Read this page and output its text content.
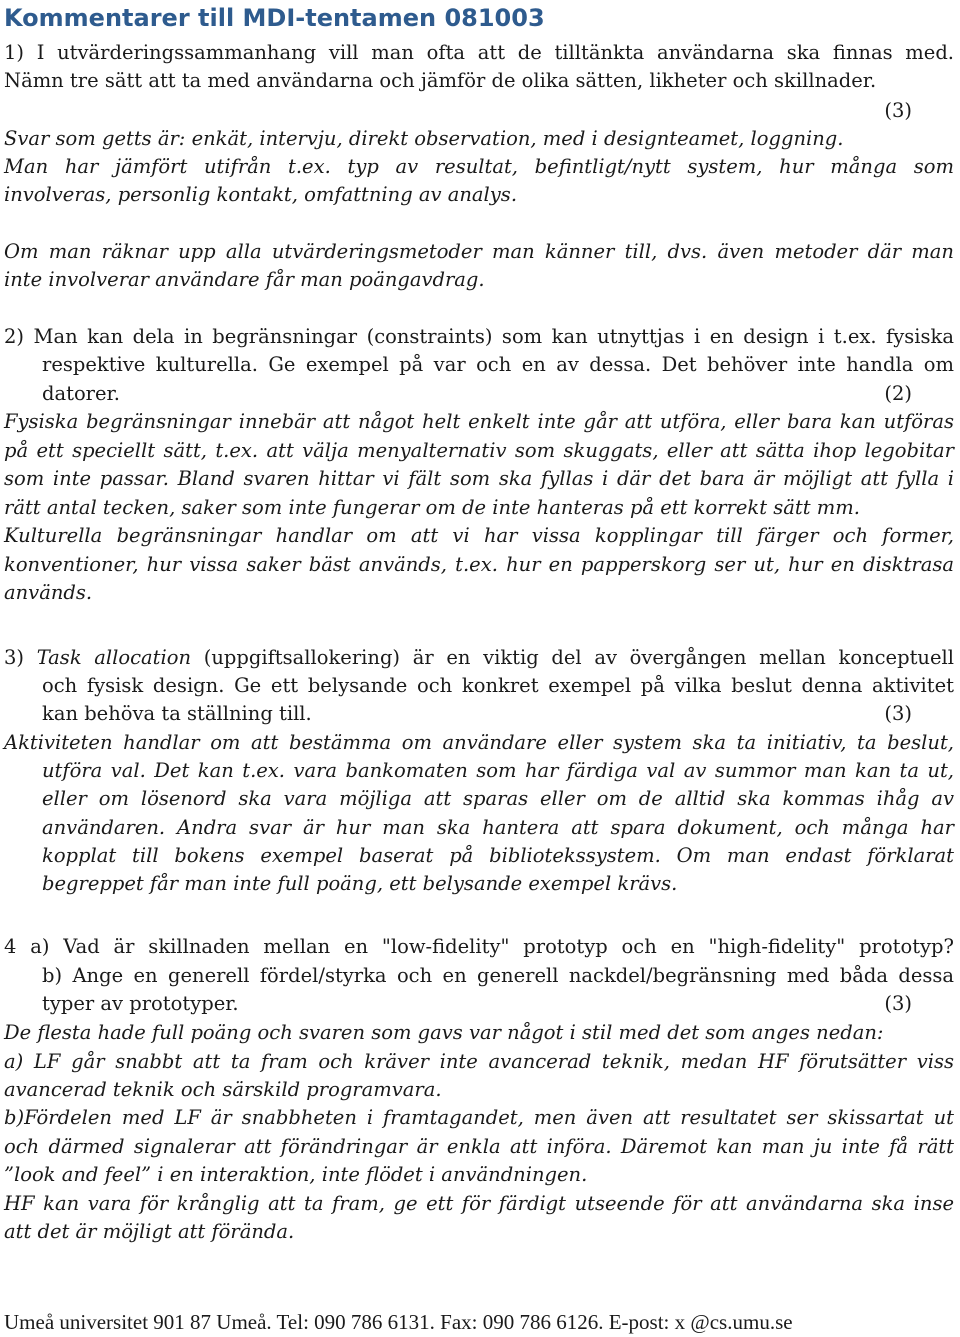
Kommentarer till MDI-tentamen 081003
1) I utvärderingssammanhang vill man ofta att de tilltänkta användarna ska finnas med.
Nämn tre sätt att ta med användarna och jämför de olika sätten, likheter och skillnader.
(3)
Svar som getts är: enkät, intervju, direkt observation, med i designteamet, loggning.
Man har jämfört utifrån t.ex. typ av resultat, befintligt/nytt system, hur många som
involveras, personlig kontakt, omfattning av analys.
Om man räknar upp alla utvärderingsmetoder man känner till, dvs. även metoder där man
inte involverar användare får man poängavdrag.
2) Man kan dela in begränsningar (constraints) som kan utnyttjas i en design i t.ex. fysiska
respektive kulturella. Ge exempel på var och en av dessa. Det behöver inte handla om
datorer.	(2)
Fysiska begränsningar innebär att något helt enkelt inte går att utföra, eller bara kan utföras
på ett speciellt sätt, t.ex. att välja menyalternativ som skuggats, eller att sätta ihop legobitar
som inte passar. Bland svaren hittar vi fält som ska fyllas i där det bara är möjligt att fylla i
rätt antal tecken, saker som inte fungerar om de inte hanteras på ett korrekt sätt mm.
Kulturella begränsningar handlar om att vi har vissa kopplingar till färger och former,
konventioner, hur vissa saker bäst används, t.ex. hur en papperskorg ser ut, hur en disktrasa
används.
3) Task allocation (uppgiftsallokering) är en viktig del av övergången mellan konceptuell
och fysisk design. Ge ett belysande och konkret exempel på vilka beslut denna aktivitet
kan behöva ta ställning till.	(3)
Aktiviteten handlar om att bestämma om användare eller system ska ta initiativ, ta beslut,
utföra val. Det kan t.ex. vara bankomaten som har färdiga val av summor man kan ta ut,
eller om lösenord ska vara möjliga att sparas eller om de alltid ska kommas ihåg av
användaren. Andra svar är hur man ska hantera att spara dokument, och många har
kopplat till bokens exempel baserat på bibliotekssystem. Om man endast förklarat
begreppet får man inte full poäng, ett belysande exempel krävs.
4 a) Vad är skillnaden mellan en "low-fidelity" prototyp och en "high-fidelity" prototyp?
b) Ange en generell fördel/styrka och en generell nackdel/begränsning med båda dessa
typer av prototyper.	(3)
De flesta hade full poäng och svaren som gavs var något i stil med det som anges nedan:
a) LF går snabbt att ta fram och kräver inte avancerad teknik, medan HF förutsätter viss
avancerad teknik och särskild programvara.
b)Fördelen med LF är snabbheten i framtagandet, men även att resultatet ser skissartat ut
och därmed signalerar att förändringar är enkla att införa. Däremot kan man ju inte få rätt
”look and feel” i en interaktion, inte flödet i användningen.
HF kan vara för krånglig att ta fram, ge ett för färdigt utseende för att användarna ska inse
att det är möjligt att förända.
Umeå universitet 901 87 Umeå. Tel: 090 786 6131. Fax: 090 786 6126. E-post: x @cs.umu.se
